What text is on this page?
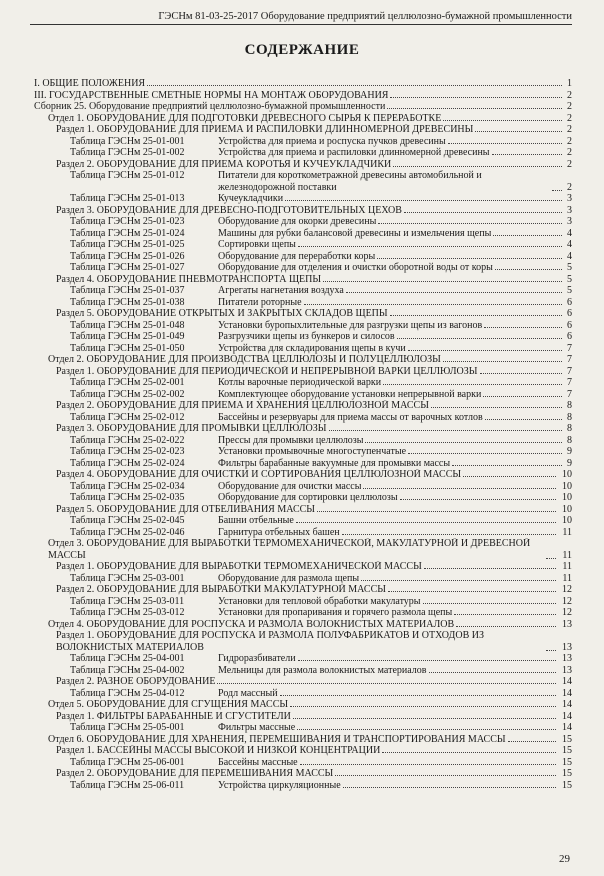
ГЭСНм 81-03-25-2017 Оборудование предприятий целлюлозно-бумажной промышленности
СОДЕРЖАНИЕ
I. ОБЩИЕ ПОЛОЖЕНИЯ	1
III. ГОСУДАРСТВЕННЫЕ СМЕТНЫЕ НОРМЫ НА МОНТАЖ ОБОРУДОВАНИЯ	2
Сборник 25. Оборудование предприятий целлюлозно-бумажной промышленности	2
Отдел 1. ОБОРУДОВАНИЕ ДЛЯ ПОДГОТОВКИ ДРЕВЕСНОГО СЫРЬЯ К ПЕРЕРАБОТКЕ	2
Раздел 1. ОБОРУДОВАНИЕ ДЛЯ ПРИЕМА И РАСПИЛОВКИ ДЛИННОМЕРНОЙ ДРЕВЕСИНЫ	2
Таблица ГЭСНм 25-01-001	Устройства для приема и роспуска пучков древесины	2
Таблица ГЭСНм 25-01-002	Устройства для приема и распиловки длинномерной древесины	2
Раздел 2. ОБОРУДОВАНИЕ ДЛЯ ПРИЕМА КОРОТЬЯ И КУЧЕУКЛАДЧИКИ	2
Таблица ГЭСНм 25-01-012	Питатели для короткометражной древесины автомобильной и железнодорожной поставки	2
Таблица ГЭСНм 25-01-013	Кучеукладчики	3
Раздел 3. ОБОРУДОВАНИЕ ДЛЯ ДРЕВЕСНО-ПОДГОТОВИТЕЛЬНЫХ ЦЕХОВ	3
Таблица ГЭСНм 25-01-023	Оборудование для окорки древесины	3
Таблица ГЭСНм 25-01-024	Машины для рубки балансовой древесины и измельчения щепы	4
Таблица ГЭСНм 25-01-025	Сортировки щепы	4
Таблица ГЭСНм 25-01-026	Оборудование для переработки коры	4
Таблица ГЭСНм 25-01-027	Оборудование для отделения и очистки оборотной воды от коры	5
Раздел 4. ОБОРУДОВАНИЕ ПНЕВМОТРАНСПОРТА ЩЕПЫ	5
Таблица ГЭСНм 25-01-037	Агрегаты нагнетания воздуха	5
Таблица ГЭСНм 25-01-038	Питатели роторные	6
Раздел 5. ОБОРУДОВАНИЕ ОТКРЫТЫХ И ЗАКРЫТЫХ СКЛАДОВ ЩЕПЫ	6
Таблица ГЭСНм 25-01-048	Установки буропыхлительные для разгрузки щепы из вагонов	6
Таблица ГЭСНм 25-01-049	Разгрузчики щепы из бункеров и силосов	6
Таблица ГЭСНм 25-01-050	Устройства для складирования щепы в кучи	7
Отдел 2. ОБОРУДОВАНИЕ ДЛЯ ПРОИЗВОДСТВА ЦЕЛЛЮЛОЗЫ И ПОЛУЦЕЛЛЮЛОЗЫ	7
Раздел 1. ОБОРУДОВАНИЕ ДЛЯ ПЕРИОДИЧЕСКОЙ И НЕПРЕРЫВНОЙ ВАРКИ ЦЕЛЛЮЛОЗЫ	7
Таблица ГЭСНм 25-02-001	Котлы варочные периодической варки	7
Таблица ГЭСНм 25-02-002	Комплектующее оборудование установки непрерывной варки	7
Раздел 2. ОБОРУДОВАНИЕ ДЛЯ ПРИЕМА И ХРАНЕНИЯ ЦЕЛЛЮЛОЗНОЙ МАССЫ	8
Таблица ГЭСНм 25-02-012	Бассейны и резервуары для приема массы от варочных котлов	8
Раздел 3. ОБОРУДОВАНИЕ ДЛЯ ПРОМЫВКИ ЦЕЛЛЮЛОЗЫ	8
Таблица ГЭСНм 25-02-022	Прессы для промывки целлюлозы	8
Таблица ГЭСНм 25-02-023	Установки промывочные многоступенчатые	9
Таблица ГЭСНм 25-02-024	Фильтры барабанные вакуумные для промывки массы	9
Раздел 4. ОБОРУДОВАНИЕ ДЛЯ ОЧИСТКИ И СОРТИРОВАНИЯ ЦЕЛЛЮЛОЗНОЙ МАССЫ	10
Таблица ГЭСНм 25-02-034	Оборудование для очистки массы	10
Таблица ГЭСНм 25-02-035	Оборудование для сортировки целлюлозы	10
Раздел 5. ОБОРУДОВАНИЕ ДЛЯ ОТБЕЛИВАНИЯ МАССЫ	10
Таблица ГЭСНм 25-02-045	Башни отбельные	10
Таблица ГЭСНм 25-02-046	Гарнитура отбельных башен	11
Отдел 3. ОБОРУДОВАНИЕ ДЛЯ ВЫРАБОТКИ ТЕРМОМЕХАНИЧЕСКОЙ, МАКУЛАТУРНОЙ И ДРЕВЕСНОЙ МАССЫ	11
Раздел 1. ОБОРУДОВАНИЕ ДЛЯ ВЫРАБОТКИ ТЕРМОМЕХАНИЧЕСКОЙ МАССЫ	11
Таблица ГЭСНм 25-03-001	Оборудование для размола щепы	11
Раздел 2. ОБОРУДОВАНИЕ ДЛЯ ВЫРАБОТКИ МАКУЛАТУРНОЙ МАССЫ	12
Таблица ГЭСНм 25-03-011	Установки для тепловой обработки макулатуры	12
Таблица ГЭСНм 25-03-012	Установки для пропаривания и горячего размола щепы	12
Отдел 4. ОБОРУДОВАНИЕ ДЛЯ РОСПУСКА И РАЗМОЛА ВОЛОКНИСТЫХ МАТЕРИАЛОВ	13
Раздел 1. ОБОРУДОВАНИЕ ДЛЯ РОСПУСКА И РАЗМОЛА ПОЛУФАБРИКАТОВ И ОТХОДОВ ИЗ ВОЛОКНИСТЫХ МАТЕРИАЛОВ	13
Таблица ГЭСНм 25-04-001	Гидроразбиватели	13
Таблица ГЭСНм 25-04-002	Мельницы для размола волокнистых материалов	13
Раздел 2. РАЗНОЕ ОБОРУДОВАНИЕ	14
Таблица ГЭСНм 25-04-012	Родл массный	14
Отдел 5. ОБОРУДОВАНИЕ ДЛЯ СГУЩЕНИЯ МАССЫ	14
Раздел 1. ФИЛЬТРЫ БАРАБАННЫЕ И СГУСТИТЕЛИ	14
Таблица ГЭСНм 25-05-001	Фильтры массные	14
Отдел 6. ОБОРУДОВАНИЕ ДЛЯ ХРАНЕНИЯ, ПЕРЕМЕШИВАНИЯ И ТРАНСПОРТИРОВАНИЯ МАССЫ	15
Раздел 1. БАССЕЙНЫ МАССЫ ВЫСОКОЙ И НИЗКОЙ КОНЦЕНТРАЦИИ	15
Таблица ГЭСНм 25-06-001	Бассейны массные	15
Раздел 2. ОБОРУДОВАНИЕ ДЛЯ ПЕРЕМЕШИВАНИЯ МАССЫ	15
Таблица ГЭСНм 25-06-011	Устройства циркуляционные	15
29
